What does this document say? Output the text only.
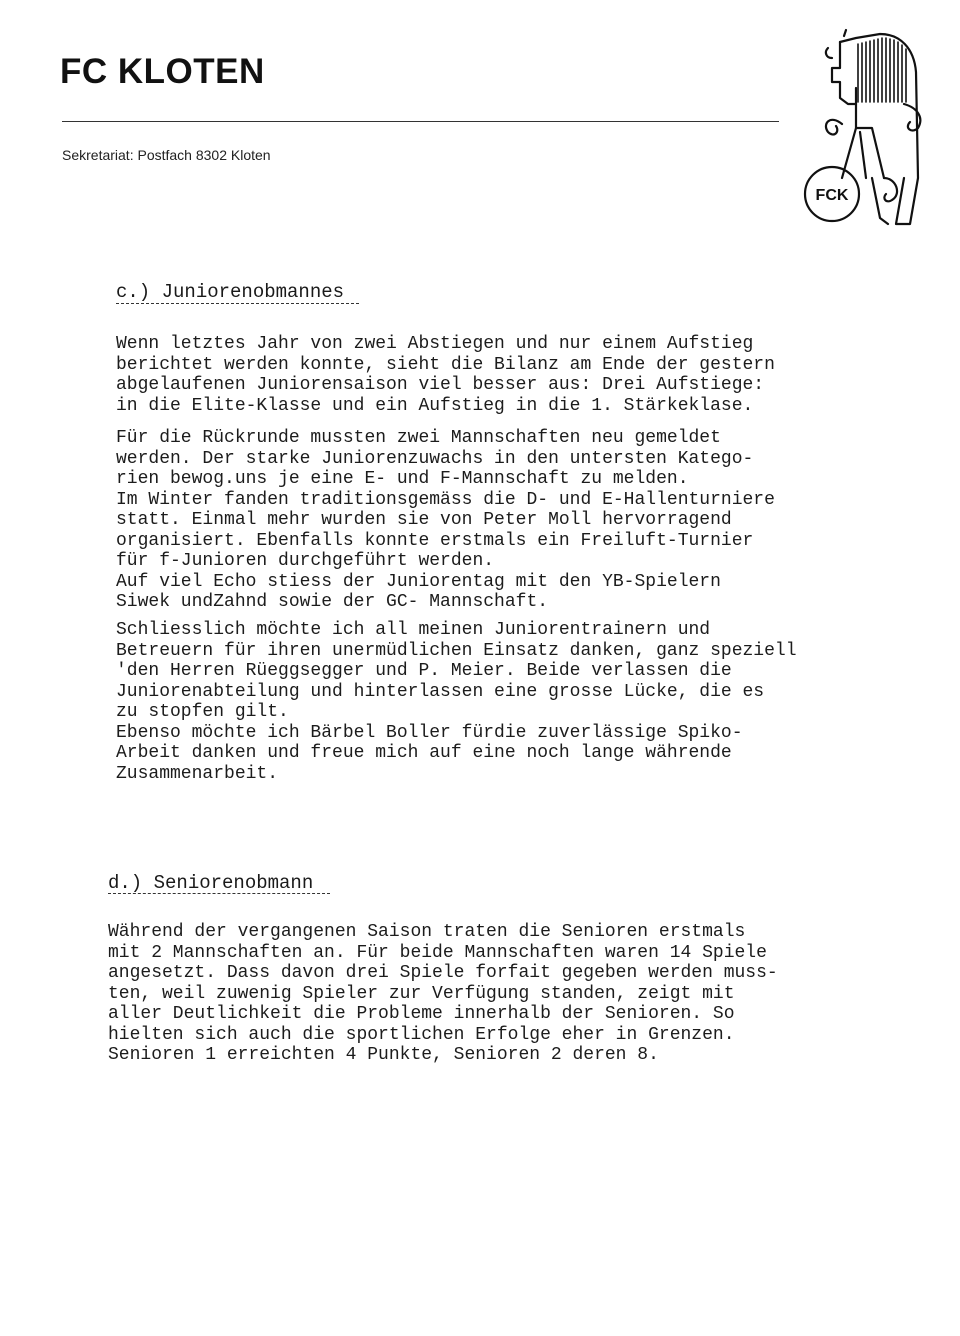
FC KLOTEN
Sekretariat: Postfach 8302 Kloten
FCK
c.) Juniorenobmannes
Wenn letztes Jahr von zwei Abstiegen und nur einem Aufstieg
berichtet werden konnte, sieht die Bilanz am Ende der gestern
abgelaufenen Juniorensaison viel besser aus: Drei Aufstiege:
in die Elite-Klasse und ein Aufstieg in die 1. Stärkeklase.
Für die Rückrunde mussten zwei Mannschaften neu gemeldet
werden. Der starke Juniorenzuwachs in den untersten Katego-
rien bewog.uns je eine E- und F-Mannschaft zu melden.
Im Winter fanden traditionsgemäss die D- und E-Hallenturniere
statt. Einmal mehr wurden sie von Peter Moll hervorragend
organisiert. Ebenfalls konnte erstmals ein Freiluft-Turnier
für f-Junioren durchgeführt werden.
Auf viel Echo stiess der Juniorentag mit den YB-Spielern
Siwek undZahnd sowie der GC- Mannschaft.
Schliesslich möchte ich all meinen Juniorentrainern und
Betreuern für ihren unermüdlichen Einsatz danken, ganz speziell
'den Herren Rüeggsegger und P. Meier. Beide verlassen die
Juniorenabteilung und hinterlassen eine grosse Lücke, die es
zu stopfen gilt.
Ebenso möchte ich Bärbel Boller fürdie zuverlässige Spiko-
Arbeit danken und freue mich auf eine noch lange währende
Zusammenarbeit.
d.) Seniorenobmann
Während der vergangenen Saison traten die Senioren erstmals
mit 2 Mannschaften an. Für beide Mannschaften waren 14 Spiele
angesetzt. Dass davon drei Spiele forfait gegeben werden muss-
ten, weil zuwenig Spieler zur Verfügung standen, zeigt mit
aller Deutlichkeit die Probleme innerhalb der Senioren. So
hielten sich auch die sportlichen Erfolge eher in Grenzen.
Senioren 1 erreichten 4 Punkte, Senioren 2 deren 8.
